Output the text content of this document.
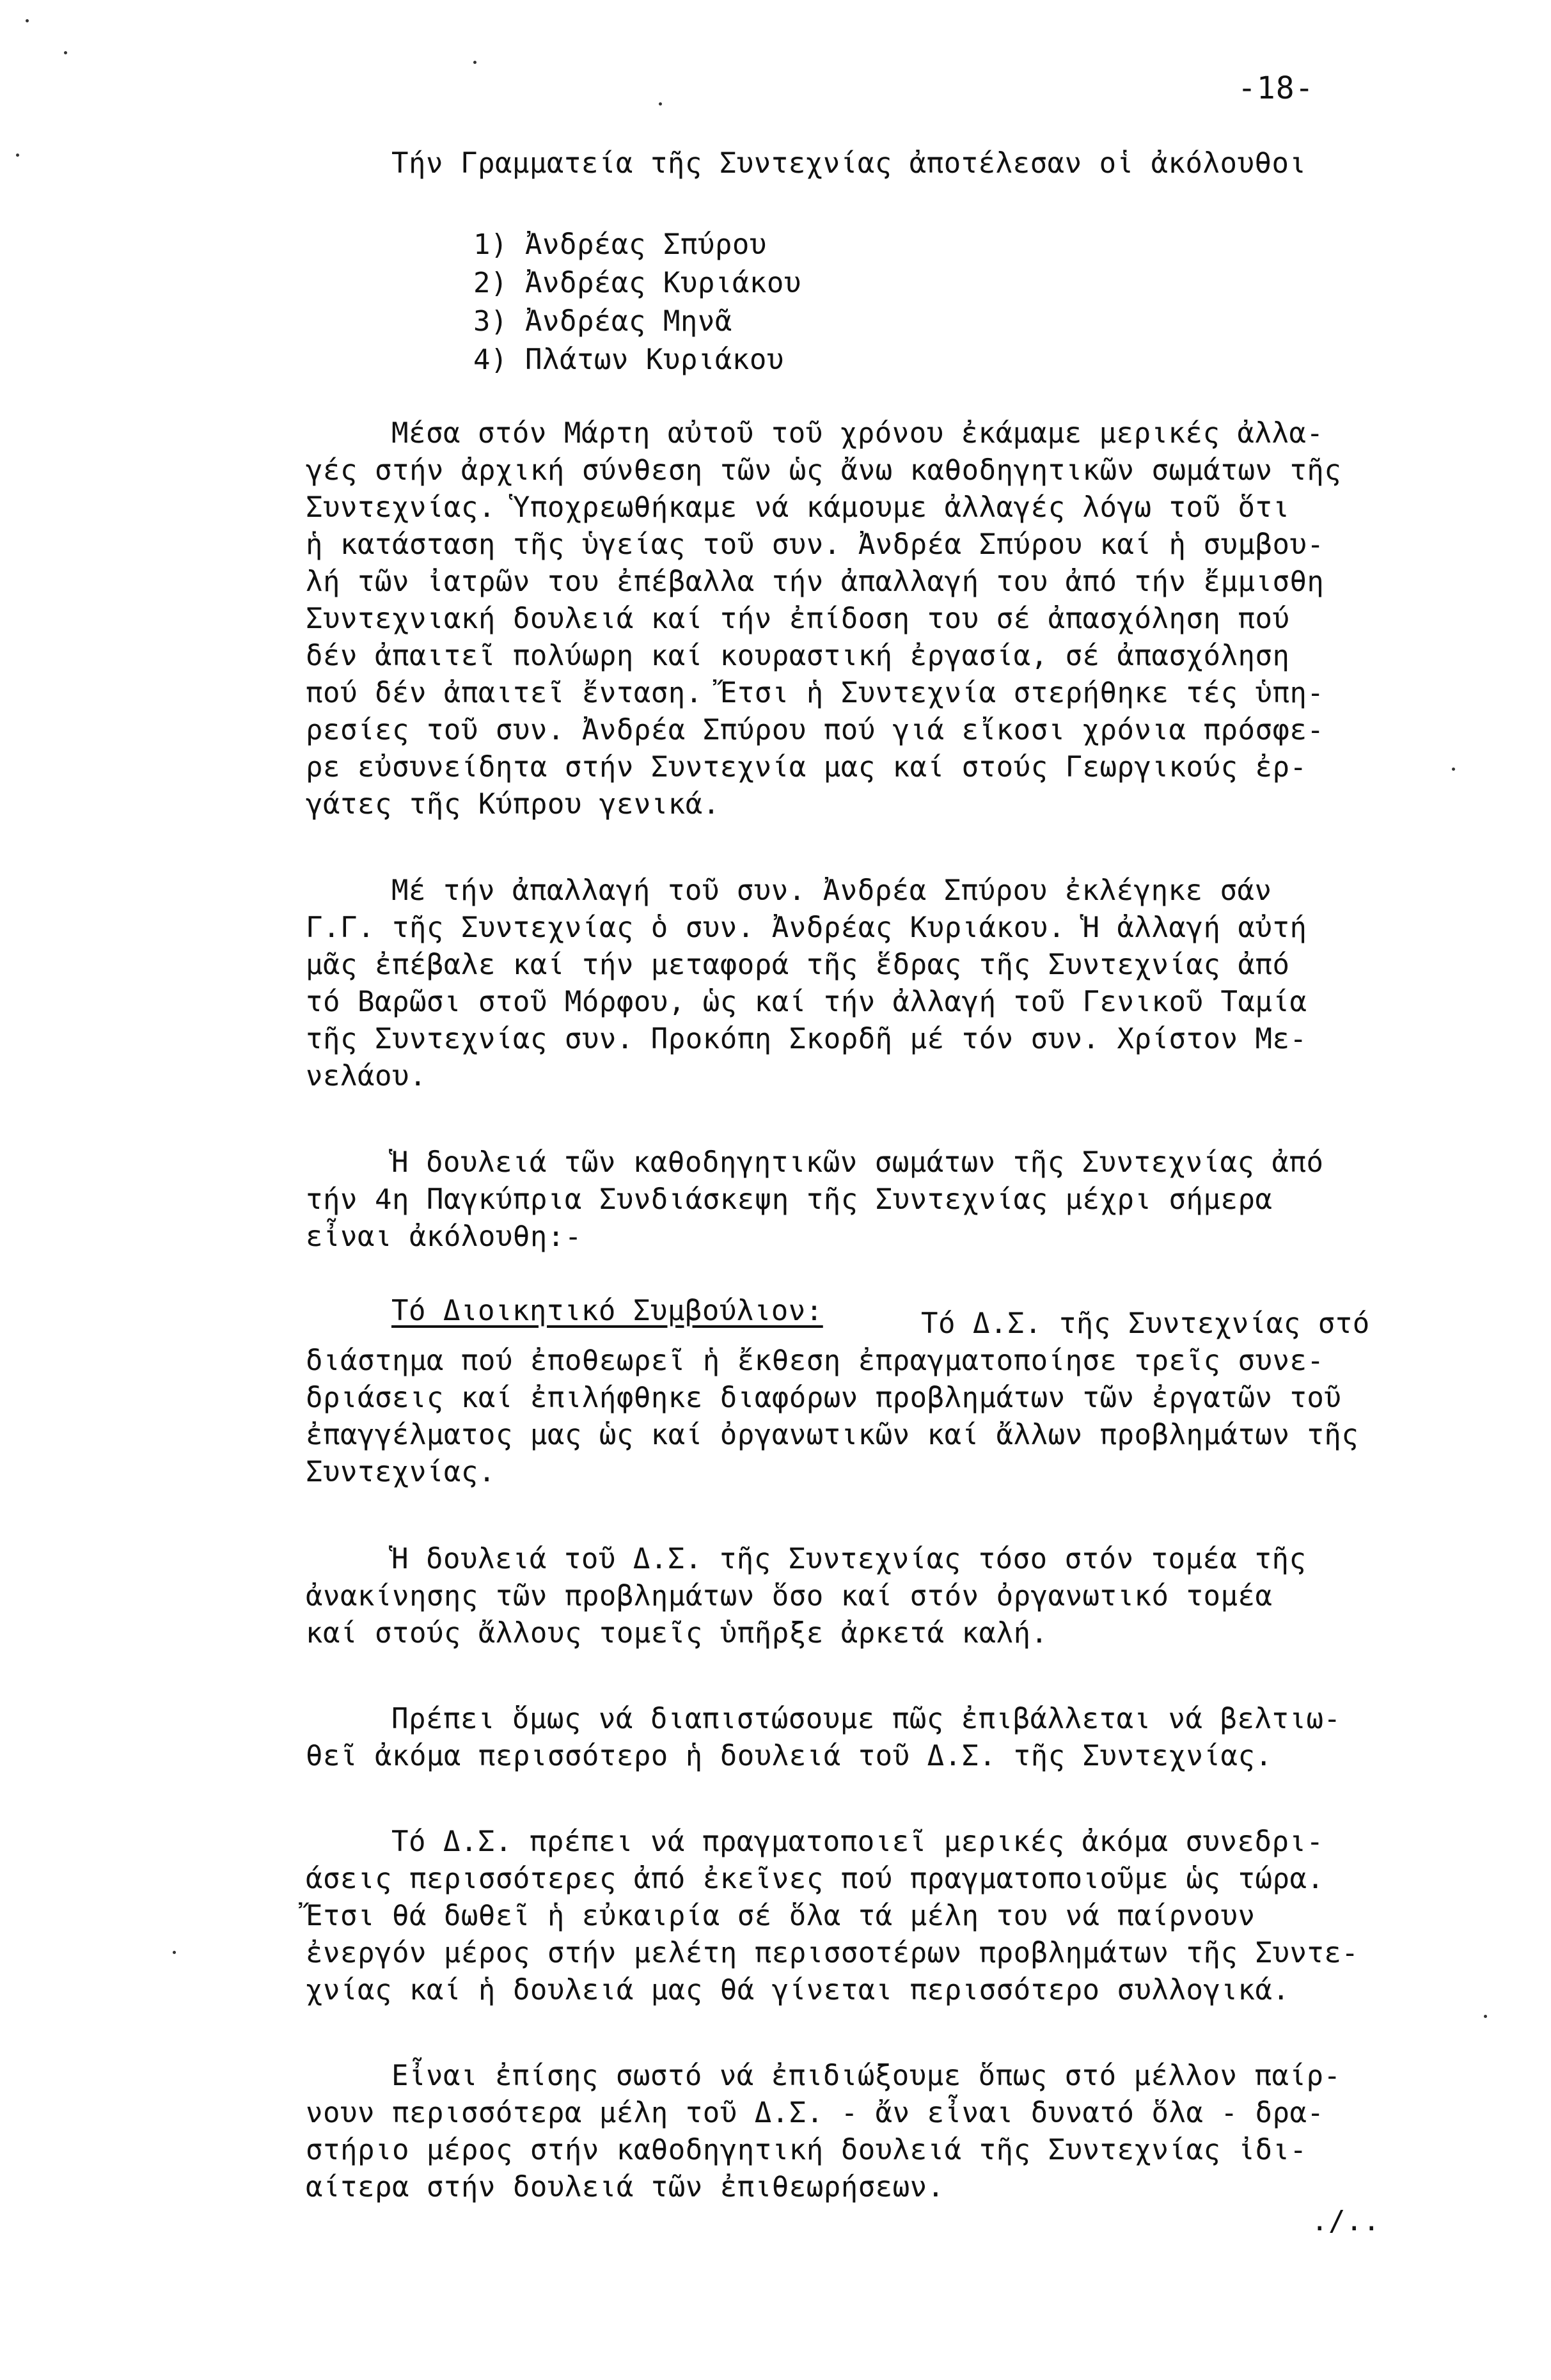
-18-
Τήν Γραμματεία τῆς Συντεχνίας ἀποτέλεσαν οἱ ἀκόλουθοι
1) Ἀνδρέας Σπύρου
2) Ἀνδρέας Κυριάκου
3) Ἀνδρέας Μηνᾶ
4) Πλάτων Κυριάκου
Μέσα στόν Μάρτη αὐτοῦ τοῦ χρόνου ἐκάμαμε μερικές ἀλλα-
γές στήν ἀρχική σύνθεση τῶν ὡς ἄνω καθοδηγητικῶν σωμάτων τῆς
Συντεχνίας. Ὑποχρεωθήκαμε νά κάμουμε ἀλλαγές λόγω τοῦ ὅτι
ἡ κατάσταση τῆς ὑγείας τοῦ συν. Ἀνδρέα Σπύρου καί ἡ συμβου-
λή τῶν ἰατρῶν του ἐπέβαλλα τήν ἀπαλλαγή του ἀπό τήν ἔμμισθη
Συντεχνιακή δουλειά καί τήν ἐπίδοση του σέ ἀπασχόληση πού
δέν ἀπαιτεῖ πολύωρη καί κουραστική ἐργασία, σέ ἀπασχόληση
πού δέν ἀπαιτεῖ ἔνταση. Ἔτσι ἡ Συντεχνία στερήθηκε τές ὑπη-
ρεσίες τοῦ συν. Ἀνδρέα Σπύρου πού γιά εἴκοσι χρόνια πρόσφε-
ρε εὐσυνείδητα στήν Συντεχνία μας καί στούς Γεωργικούς ἐρ-
γάτες τῆς Κύπρου γενικά.
Μέ τήν ἀπαλλαγή τοῦ συν. Ἀνδρέα Σπύρου ἐκλέγηκε σάν
Γ.Γ. τῆς Συντεχνίας ὁ συν. Ἀνδρέας Κυριάκου. Ἡ ἀλλαγή αὐτή
μᾶς ἐπέβαλε καί τήν μεταφορά τῆς ἕδρας τῆς Συντεχνίας ἀπό
τό Βαρῶσι στοῦ Μόρφου, ὡς καί τήν ἀλλαγή τοῦ Γενικοῦ Ταμία
τῆς Συντεχνίας συν. Προκόπη Σκορδῆ μέ τόν συν. Χρίστον Με-
νελάου.
Ἡ δουλειά τῶν καθοδηγητικῶν σωμάτων τῆς Συντεχνίας ἀπό
τήν 4η Παγκύπρια Συνδιάσκεψη τῆς Συντεχνίας μέχρι σήμερα
εἶναι ἀκόλουθη:-
Τό Διοικητικό Συμβούλιον:	Τό Δ.Σ. τῆς Συντεχνίας στό
διάστημα πού ἐποθεωρεῖ ἡ ἔκθεση ἐπραγματοποίησε τρεῖς συνε-
δριάσεις καί ἐπιλήφθηκε διαφόρων προβλημάτων τῶν ἐργατῶν τοῦ
ἐπαγγέλματος μας ὡς καί ὀργανωτικῶν καί ἄλλων προβλημάτων τῆς
Συντεχνίας.
Ἡ δουλειά τοῦ Δ.Σ. τῆς Συντεχνίας τόσο στόν τομέα τῆς
ἀνακίνησης τῶν προβλημάτων ὅσο καί στόν ὀργανωτικό τομέα
καί στούς ἄλλους τομεῖς ὑπῆρξε ἀρκετά καλή.
Πρέπει ὅμως νά διαπιστώσουμε πῶς ἐπιβάλλεται νά βελτιω-
θεῖ ἀκόμα περισσότερο ἡ δουλειά τοῦ Δ.Σ. τῆς Συντεχνίας.
Τό Δ.Σ. πρέπει νά πραγματοποιεῖ μερικές ἀκόμα συνεδρι-
άσεις περισσότερες ἀπό ἐκεῖνες πού πραγματοποιοῦμε ὡς τώρα.
Ἔτσι θά δωθεῖ ἡ εὐκαιρία σέ ὅλα τά μέλη του νά παίρνουν
ἐνεργόν μέρος στήν μελέτη περισσοτέρων προβλημάτων τῆς Συντε-
χνίας καί ἡ δουλειά μας θά γίνεται περισσότερο συλλογικά.
Εἶναι ἐπίσης σωστό νά ἐπιδιώξουμε ὅπως στό μέλλον παίρ-
νουν περισσότερα μέλη τοῦ Δ.Σ. - ἄν εἶναι δυνατό ὅλα - δρα-
στήριο μέρος στήν καθοδηγητική δουλειά τῆς Συντεχνίας ἰδι-
αίτερα στήν δουλειά τῶν ἐπιθεωρήσεων.
./..
